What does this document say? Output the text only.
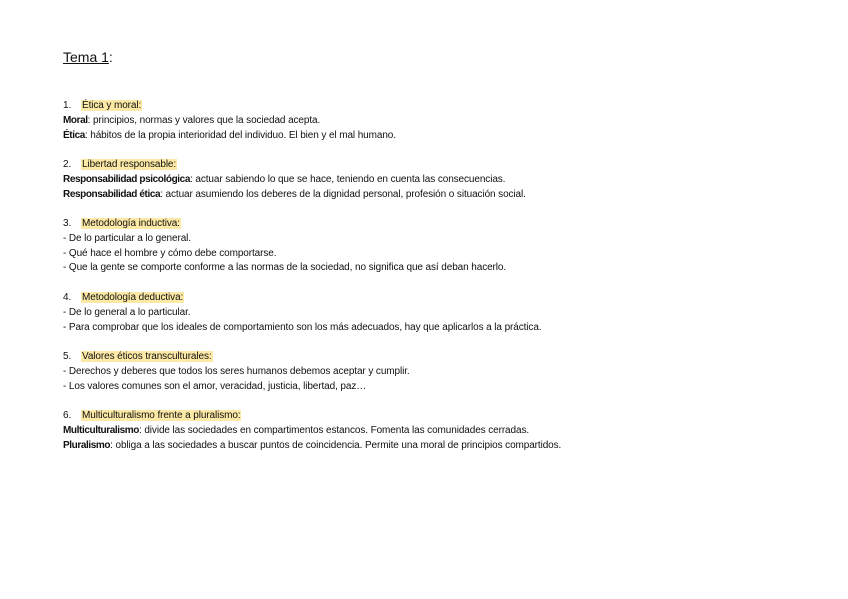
Tema 1:
1. Ética y moral:
Moral: principios, normas y valores que la sociedad acepta.
Ética: hábitos de la propia interioridad del individuo. El bien y el mal humano.
2. Libertad responsable:
Responsabilidad psicológica: actuar sabiendo lo que se hace, teniendo en cuenta las consecuencias.
Responsabilidad ética: actuar asumiendo los deberes de la dignidad personal, profesión o situación social.
3. Metodología inductiva:
- De lo particular a lo general.
- Qué hace el hombre y cómo debe comportarse.
- Que la gente se comporte conforme a las normas de la sociedad, no significa que así deban hacerlo.
4. Metodología deductiva:
- De lo general a lo particular.
- Para comprobar que los ideales de comportamiento son los más adecuados, hay que aplicarlos a la práctica.
5. Valores éticos transculturales:
- Derechos y deberes que todos los seres humanos debemos aceptar y cumplir.
- Los valores comunes son el amor, veracidad, justicia, libertad, paz…
6. Multiculturalismo frente a pluralismo:
Multiculturalismo: divide las sociedades en compartimentos estancos. Fomenta las comunidades cerradas.
Pluralismo: obliga a las sociedades a buscar puntos de coincidencia. Permite una moral de principios compartidos.
